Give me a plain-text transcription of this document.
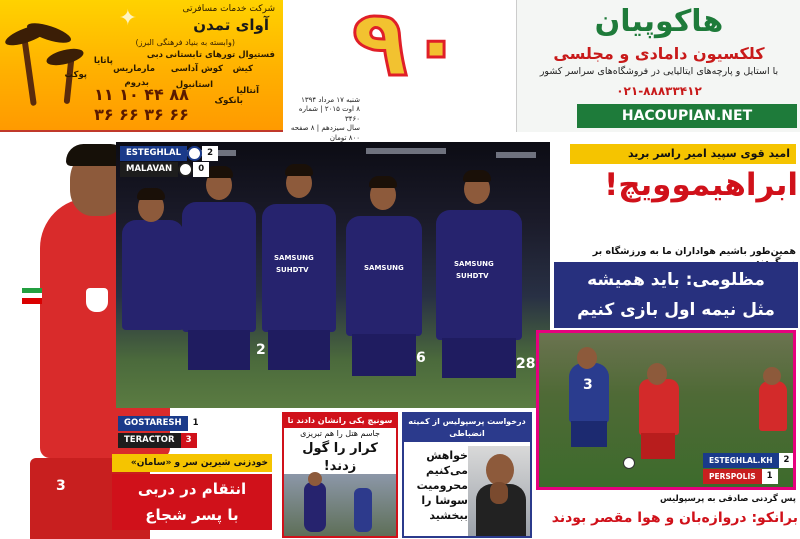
✦	شرکت خدمات مسافرتی
آوای تمدن
(وابسته به بنیاد فرهنگی البرز)
فستیوال تورهای تابستانی
دبی
کیش
کوش آداسی
مارماریس
پاتایا
بدروم	استانبول
پوکت
آنتالیا
بانکوک
۸۸ ۴۴ ۱۰ ۱۱
۶۶ ۳۶ ۶۶ ۳۶
۹۰
شنبه ۱۷ مرداد ۱۳۹۴
۸ اوت ۲۰۱۵ | شماره ۳۴۶۰
سال سیزدهم | ۸ صفحه
۸۰۰ تومان
هاکوپیان
کلکسیون دامادی و مجلسی
با استایل و پارچه‌های ایتالیایی در فروشگاه‌های سراسر کشور
۰۲۱-۸۸۸۳۳۴۱۲
HACOUPIAN.NET
3
2
SAMSUNG
SUHDTV
6
SAMSUNG
28
SAMSUNG
SUHDTV
ESTEGHLAL	2
MALAVAN	0
امید قوی سپید امیر راسر برید
ابراهیموویچ!
همین‌طور باشیم هواداران ما به ورزشگاه بر
مظلومی: باید همیشه
مثل نیمه اول بازی کنیم
3
ESTEGHLAL.KH	2
PERSPOLIS	1
پس گردنی صادقی به پرسپولیس
برانکو: دروازه‌بان و هوا مقصر بودند
GOSTARESH	1
TERACTOR	3
خودزنی شیرین سر و «سامان»
انتقام در دربی
با پسر شجاع
سونیچ یکی رانشان دادند تا
جاسم هتل را هم تبریزی
کرار را گول زدند!
درخواست پرسپولیس از کمیته انضباطی
خواهش
می‌کنیم
محرومیت
سوشا را
ببخشید
